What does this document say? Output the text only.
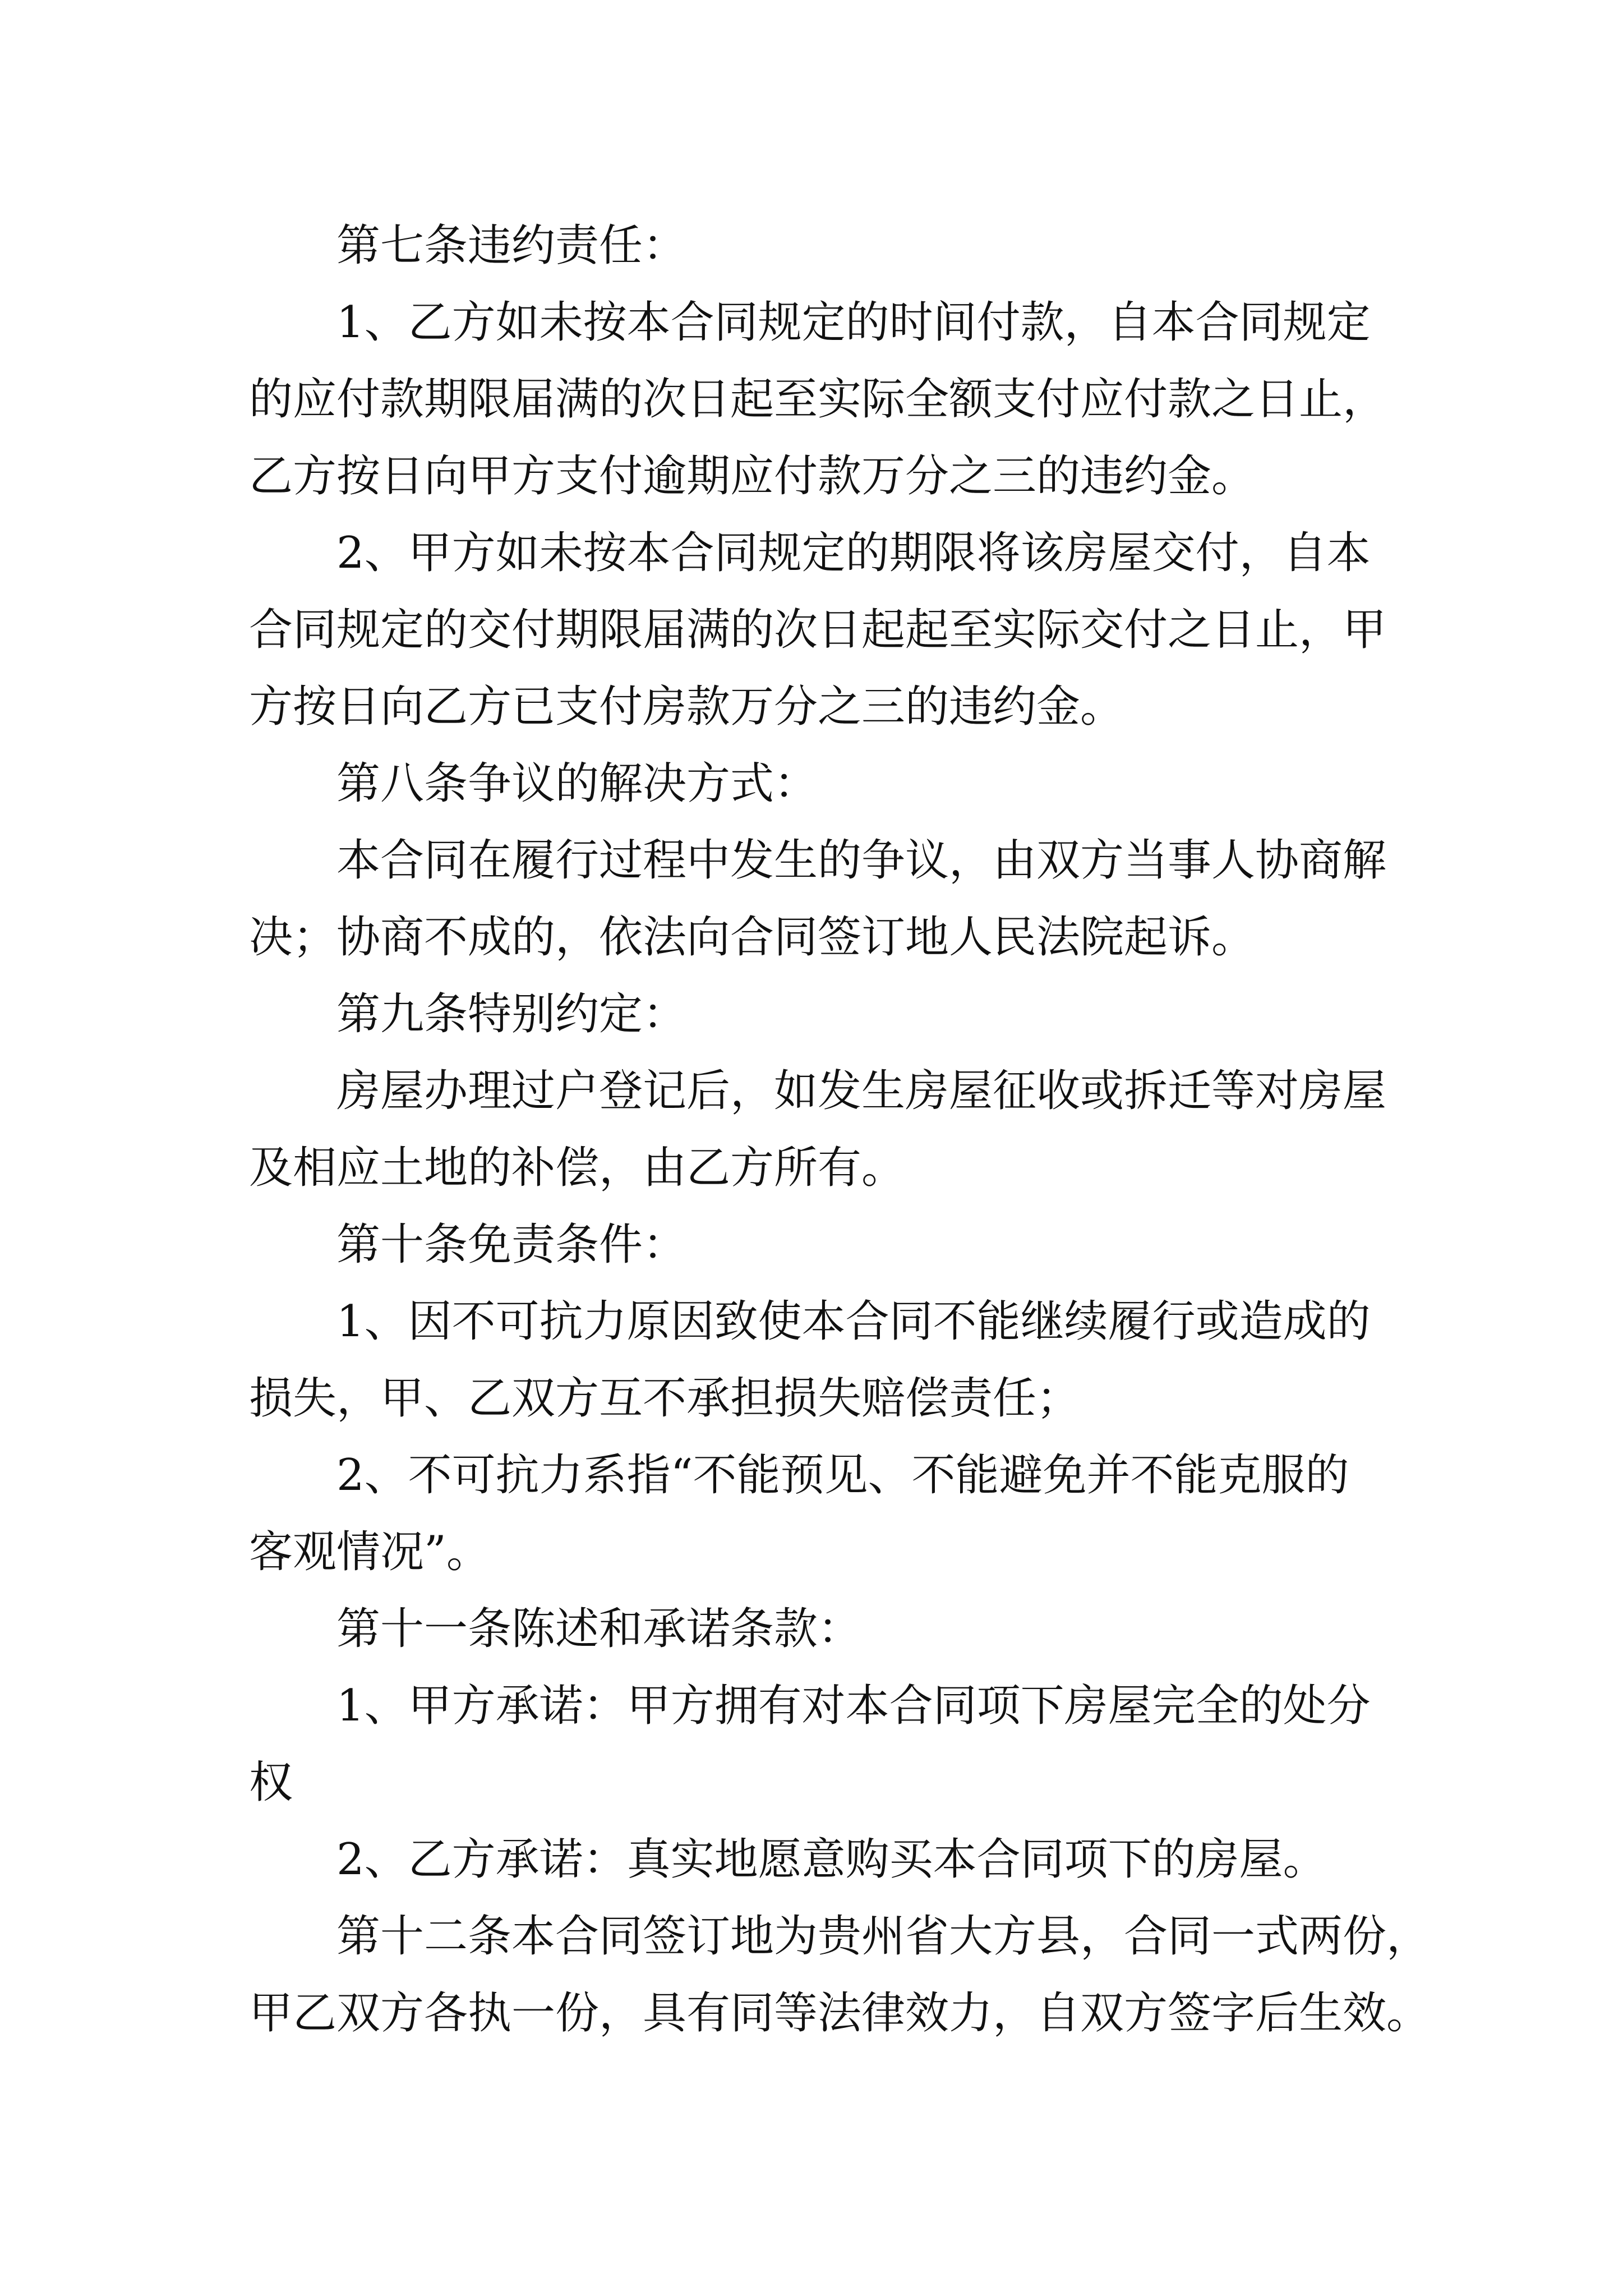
第七条违约责任：
1、乙方如未按本合同规定的时间付款，自本合同规定
的应付款期限届满的次日起至实际全额支付应付款之日止，
乙方按日向甲方支付逾期应付款万分之三的违约金。
2、甲方如未按本合同规定的期限将该房屋交付，自本
合同规定的交付期限届满的次日起起至实际交付之日止，甲
方按日向乙方已支付房款万分之三的违约金。
第八条争议的解决方式：
本合同在履行过程中发生的争议，由双方当事人协商解
决；协商不成的，依法向合同签订地人民法院起诉。
第九条特别约定：
房屋办理过户登记后，如发生房屋征收或拆迁等对房屋
及相应土地的补偿，由乙方所有。
第十条免责条件：
1、因不可抗力原因致使本合同不能继续履行或造成的
损失，甲、乙双方互不承担损失赔偿责任；
2、不可抗力系指“不能预见、不能避免并不能克服的
客观情况”。
第十一条陈述和承诺条款：
1、甲方承诺：甲方拥有对本合同项下房屋完全的处分
权
2、乙方承诺：真实地愿意购买本合同项下的房屋。
第十二条本合同签订地为贵州省大方县，合同一式两份，
甲乙双方各执一份，具有同等法律效力，自双方签字后生效。
